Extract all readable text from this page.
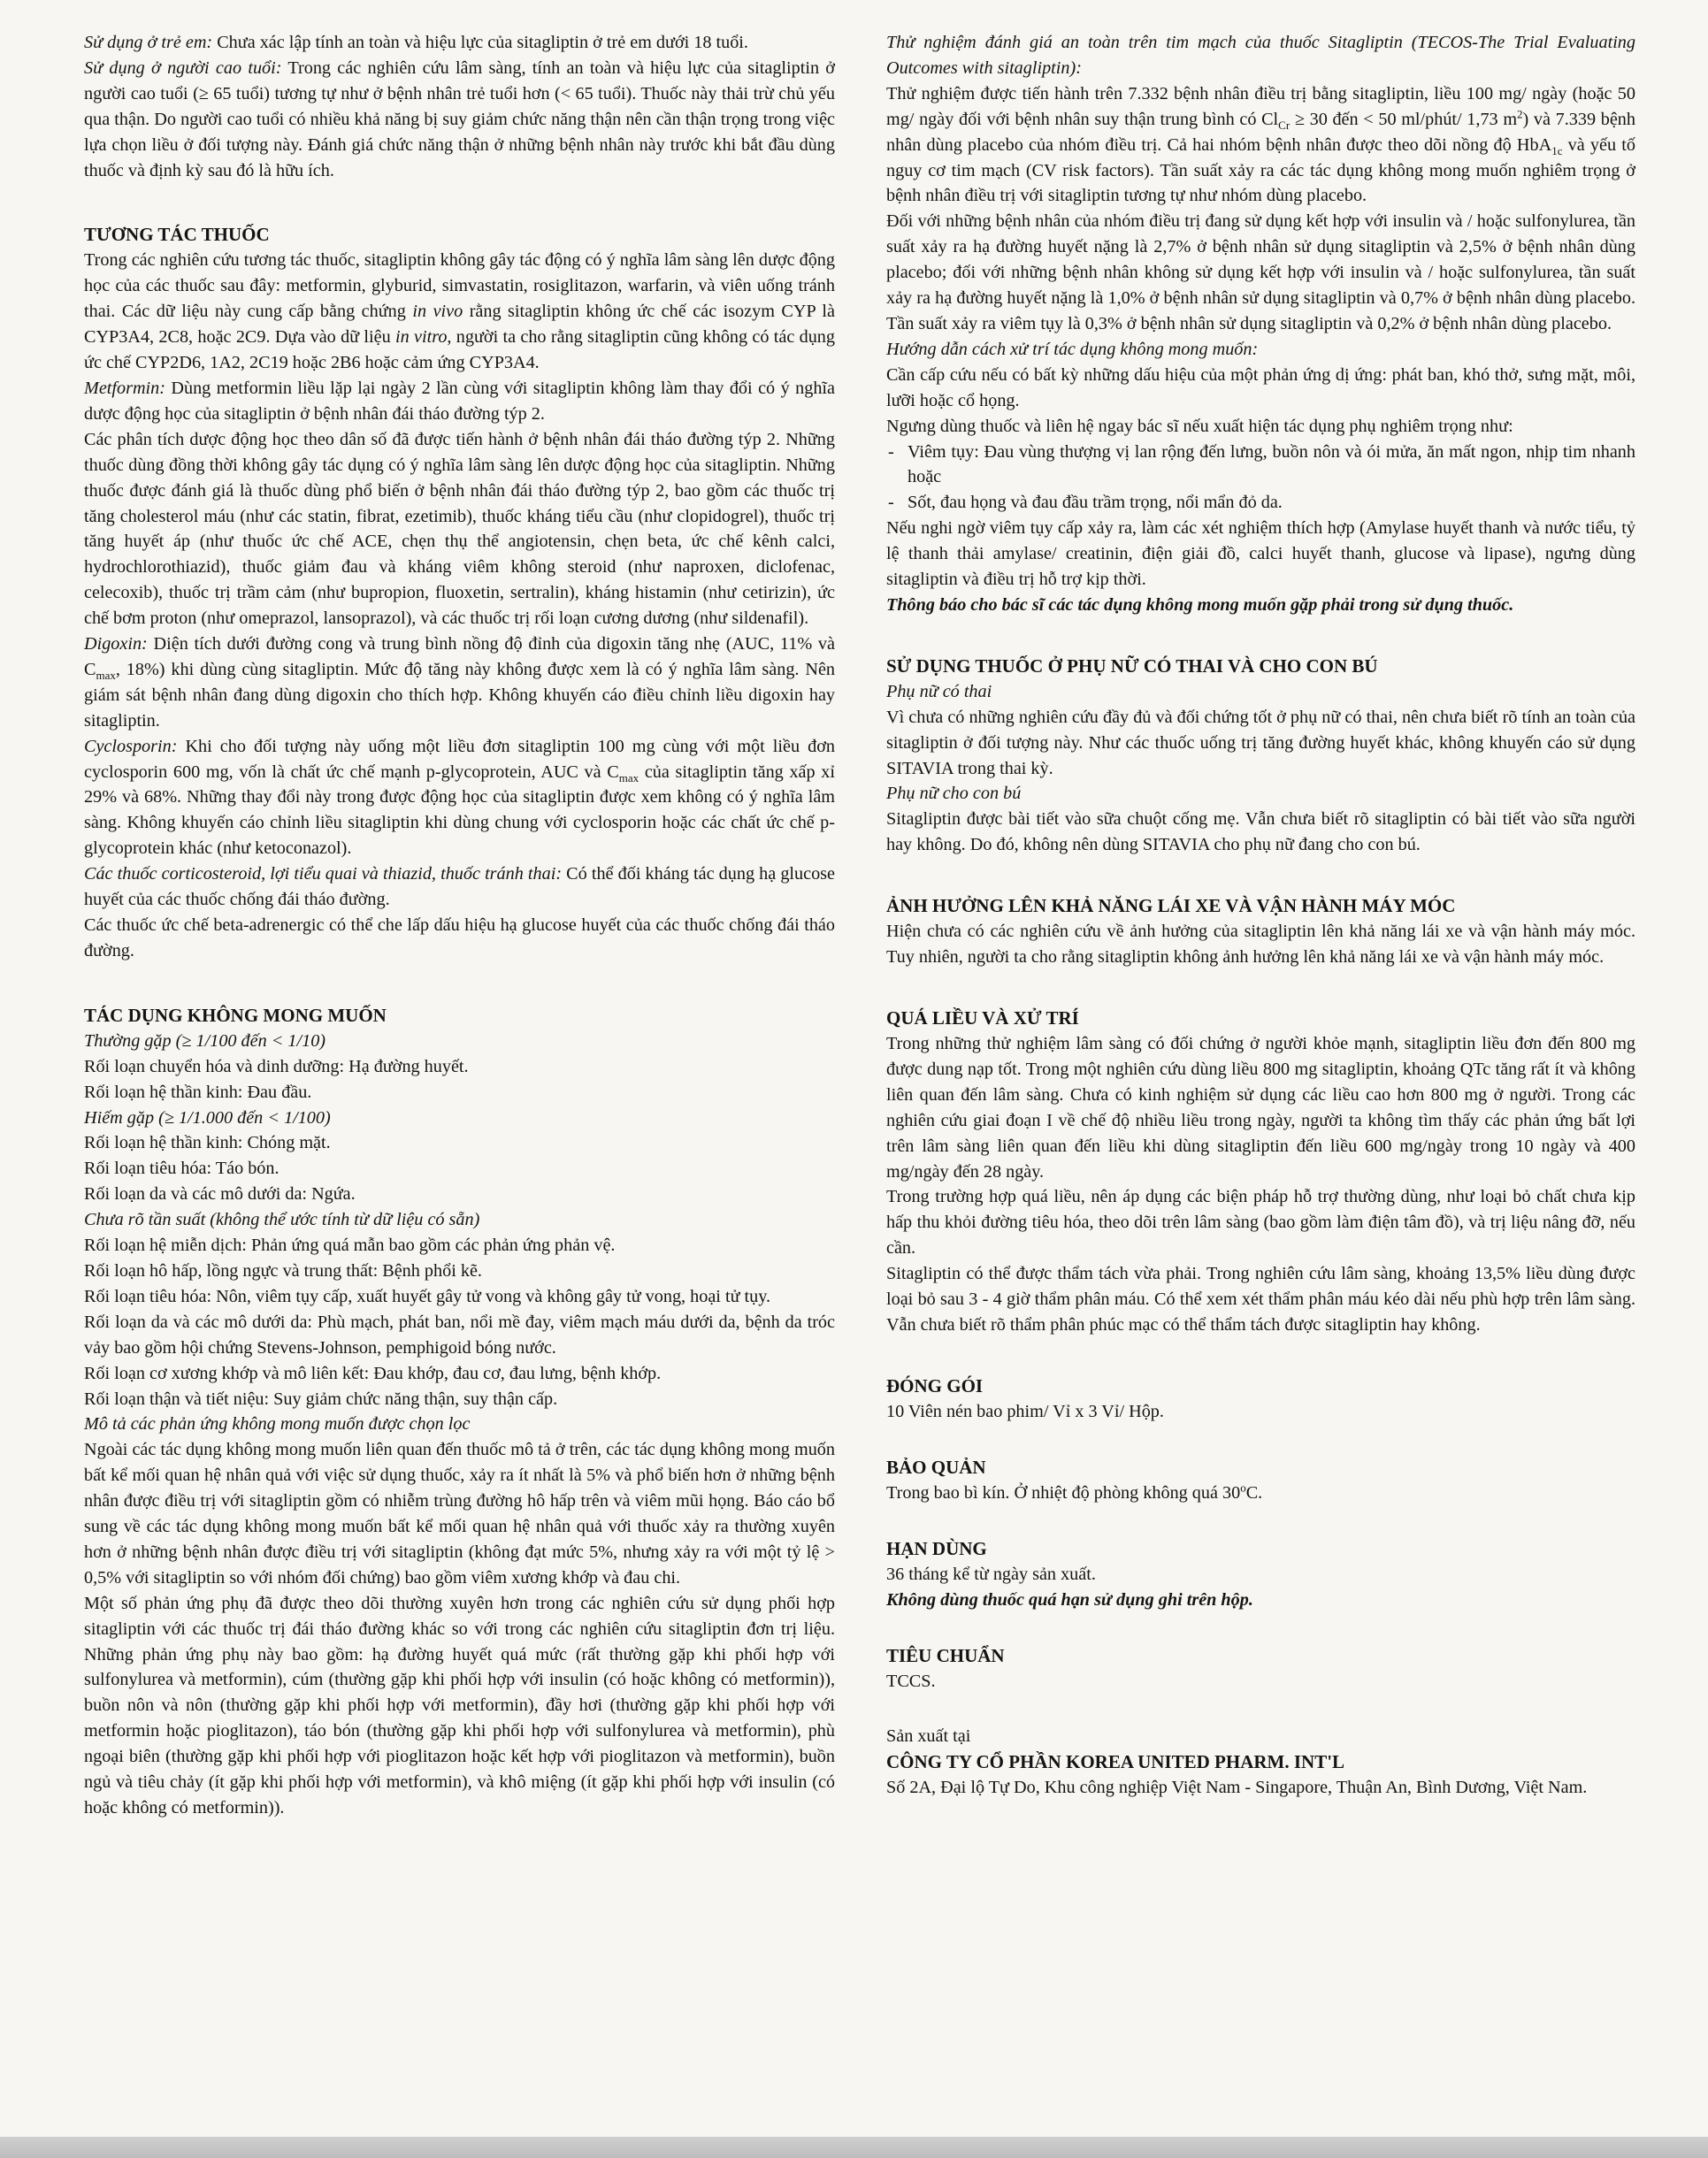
Sử dụng ở trẻ em: Chưa xác lập tính an toàn và hiệu lực của sitagliptin ở trẻ em dưới 18 tuổi.

Sử dụng ở người cao tuổi: Trong các nghiên cứu lâm sàng, tính an toàn và hiệu lực của sitagliptin ở người cao tuổi (≥ 65 tuổi) tương tự như ở bệnh nhân trẻ tuổi hơn (< 65 tuổi). Thuốc này thải trừ chủ yếu qua thận. Do người cao tuổi có nhiều khả năng bị suy giảm chức năng thận nên cần thận trọng trong việc lựa chọn liều ở đối tượng này. Đánh giá chức năng thận ở những bệnh nhân này trước khi bắt đầu dùng thuốc và định kỳ sau đó là hữu ích.

TƯƠNG TÁC THUỐC

Trong các nghiên cứu tương tác thuốc, sitagliptin không gây tác động có ý nghĩa lâm sàng lên dược động học của các thuốc sau đây: metformin, glyburid, simvastatin, rosiglitazon, warfarin, và viên uống tránh thai. Các dữ liệu này cung cấp bằng chứng in vivo rằng sitagliptin không ức chế các isozym CYP là CYP3A4, 2C8, hoặc 2C9. Dựa vào dữ liệu in vitro, người ta cho rằng sitagliptin cũng không có tác dụng ức chế CYP2D6, 1A2, 2C19 hoặc 2B6 hoặc cảm ứng CYP3A4.

Metformin: Dùng metformin liều lặp lại ngày 2 lần cùng với sitagliptin không làm thay đổi có ý nghĩa dược động học của sitagliptin ở bệnh nhân đái tháo đường týp 2.

Các phân tích dược động học theo dân số đã được tiến hành ở bệnh nhân đái tháo đường týp 2. Những thuốc dùng đồng thời không gây tác dụng có ý nghĩa lâm sàng lên dược động học của sitagliptin. Những thuốc được đánh giá là thuốc dùng phổ biến ở bệnh nhân đái tháo đường týp 2, bao gồm các thuốc trị tăng cholesterol máu (như các statin, fibrat, ezetimib), thuốc kháng tiểu cầu (như clopidogrel), thuốc trị tăng huyết áp (như thuốc ức chế ACE, chẹn thụ thể angiotensin, chẹn beta, ức chế kênh calci, hydrochlorothiazid), thuốc giảm đau và kháng viêm không steroid (như naproxen, diclofenac, celecoxib), thuốc trị trầm cảm (như bupropion, fluoxetin, sertralin), kháng histamin (như cetirizin), ức chế bơm proton (như omeprazol, lansoprazol), và các thuốc trị rối loạn cương dương (như sildenafil).

Digoxin: Diện tích dưới đường cong và trung bình nồng độ đỉnh của digoxin tăng nhẹ (AUC, 11% và $C_{max}$, 18%) khi dùng cùng sitagliptin. Mức độ tăng này không được xem là có ý nghĩa lâm sàng. Nên giám sát bệnh nhân đang dùng digoxin cho thích hợp. Không khuyến cáo điều chỉnh liều digoxin hay sitagliptin.

Cyclosporin: Khi cho đối tượng này uống một liều đơn sitagliptin 100 mg cùng với một liều đơn cyclosporin 600 mg, vốn là chất ức chế mạnh p-glycoprotein, AUC và $C_{max}$ của sitagliptin tăng xấp xỉ 29% và 68%. Những thay đổi này trong được động học của sitagliptin được xem không có ý nghĩa lâm sàng. Không khuyến cáo chỉnh liều sitagliptin khi dùng chung với cyclosporin hoặc các chất ức chế p-glycoprotein khác (như ketoconazol).

Các thuốc corticosteroid, lợi tiểu quai và thiazid, thuốc tránh thai: Có thể đối kháng tác dụng hạ glucose huyết của các thuốc chống đái tháo đường.

Các thuốc ức chế beta-adrenergic có thể che lấp dấu hiệu hạ glucose huyết của các thuốc chống đái tháo đường.

TÁC DỤNG KHÔNG MONG MUỐN

Thường gặp (≥ 1/100 đến < 1/10)

Rối loạn chuyển hóa và dinh dưỡng: Hạ đường huyết.

Rối loạn hệ thần kinh: Đau đầu.

Hiếm gặp (≥ 1/1.000 đến < 1/100)

Rối loạn hệ thần kinh: Chóng mặt.

Rối loạn tiêu hóa: Táo bón.

Rối loạn da và các mô dưới da: Ngứa.

Chưa rõ tần suất (không thể ước tính từ dữ liệu có sẵn)

Rối loạn hệ miễn dịch: Phản ứng quá mẫn bao gồm các phản ứng phản vệ.

Rối loạn hô hấp, lồng ngực và trung thất: Bệnh phổi kẽ.

Rối loạn tiêu hóa: Nôn, viêm tụy cấp, xuất huyết gây tử vong và không gây tử vong, hoại tử tụy.

Rối loạn da và các mô dưới da: Phù mạch, phát ban, nổi mề đay, viêm mạch máu dưới da, bệnh da tróc vảy bao gồm hội chứng Stevens-Johnson, pemphigoid bóng nước.

Rối loạn cơ xương khớp và mô liên kết: Đau khớp, đau cơ, đau lưng, bệnh khớp.

Rối loạn thận và tiết niệu: Suy giảm chức năng thận, suy thận cấp.

Mô tả các phản ứng không mong muốn được chọn lọc

Ngoài các tác dụng không mong muốn liên quan đến thuốc mô tả ở trên, các tác dụng không mong muốn bất kể mối quan hệ nhân quả với việc sử dụng thuốc, xảy ra ít nhất là 5% và phổ biến hơn ở những bệnh nhân được điều trị với sitagliptin gồm có nhiễm trùng đường hô hấp trên và viêm mũi họng. Báo cáo bổ sung về các tác dụng không mong muốn bất kể mối quan hệ nhân quả với thuốc xảy ra thường xuyên hơn ở những bệnh nhân được điều trị với sitagliptin (không đạt mức 5%, nhưng xảy ra với một tỷ lệ > 0,5% với sitagliptin so với nhóm đối chứng) bao gồm viêm xương khớp và đau chi.

Một số phản ứng phụ đã được theo dõi thường xuyên hơn trong các nghiên cứu sử dụng phối hợp sitagliptin với các thuốc trị đái tháo đường khác so với trong các nghiên cứu sitagliptin đơn trị liệu. Những phản ứng phụ này bao gồm: hạ đường huyết quá mức (rất thường gặp khi phối hợp với sulfonylurea và metformin), cúm (thường gặp khi phối hợp với insulin (có hoặc không có metformin)), buồn nôn và nôn (thường gặp khi phối hợp với metformin), đầy hơi (thường gặp khi phối hợp với metformin hoặc pioglitazon), táo bón (thường gặp khi phối hợp với sulfonylurea và metformin), phù ngoại biên (thường gặp khi phối hợp với pioglitazon hoặc kết hợp với pioglitazon và metformin), buồn ngủ và tiêu chảy (ít gặp khi phối hợp với metformin), và khô miệng (ít gặp khi phối hợp với insulin (có hoặc không có metformin)).

Thử nghiệm đánh giá an toàn trên tim mạch của thuốc Sitagliptin (TECOS-The Trial Evaluating Outcomes with sitagliptin):

Thử nghiệm được tiến hành trên 7.332 bệnh nhân điều trị bằng sitagliptin, liều 100 mg/ ngày (hoặc 50 mg/ ngày đối với bệnh nhân suy thận trung bình có $Cl_{Cr} \ge 30$ đến < 50 ml/phút/ 1,73 $m^2$) và 7.339 bệnh nhân dùng placebo của nhóm điều trị. Cả hai nhóm bệnh nhân được theo dõi nồng độ HbA$_{1c}$ và yếu tố nguy cơ tim mạch (CV risk factors). Tần suất xảy ra các tác dụng không mong muốn nghiêm trọng ở bệnh nhân điều trị với sitagliptin tương tự như nhóm dùng placebo.

Đối với những bệnh nhân của nhóm điều trị đang sử dụng kết hợp với insulin và / hoặc sulfonylurea, tần suất xảy ra hạ đường huyết nặng là 2,7% ở bệnh nhân sử dụng sitagliptin và 2,5% ở bệnh nhân dùng placebo; đối với những bệnh nhân không sử dụng kết hợp với insulin và / hoặc sulfonylurea, tần suất xảy ra hạ đường huyết nặng là 1,0% ở bệnh nhân sử dụng sitagliptin và 0,7% ở bệnh nhân dùng placebo. Tần suất xảy ra viêm tụy là 0,3% ở bệnh nhân sử dụng sitagliptin và 0,2% ở bệnh nhân dùng placebo.

Hướng dẫn cách xử trí tác dụng không mong muốn:

Cần cấp cứu nếu có bất kỳ những dấu hiệu của một phản ứng dị ứng: phát ban, khó thở, sưng mặt, môi, lưỡi hoặc cổ họng.

Ngưng dùng thuốc và liên hệ ngay bác sĩ nếu xuất hiện tác dụng phụ nghiêm trọng như:

- Viêm tụy: Đau vùng thượng vị lan rộng đến lưng, buồn nôn và ói mửa, ăn mất ngon, nhịp tim nhanh hoặc
- Sốt, đau họng và đau đầu trầm trọng, nổi mẩn đỏ da.

Nếu nghi ngờ viêm tụy cấp xảy ra, làm các xét nghiệm thích hợp (Amylase huyết thanh và nước tiểu, tỷ lệ thanh thải amylase/ creatinin, điện giải đồ, calci huyết thanh, glucose và lipase), ngưng dùng sitagliptin và điều trị hỗ trợ kịp thời.

Thông báo cho bác sĩ các tác dụng không mong muốn gặp phải trong sử dụng thuốc.

SỬ DỤNG THUỐC Ở PHỤ NỮ CÓ THAI VÀ CHO CON BÚ

Phụ nữ có thai

Vì chưa có những nghiên cứu đầy đủ và đối chứng tốt ở phụ nữ có thai, nên chưa biết rõ tính an toàn của sitagliptin ở đối tượng này. Như các thuốc uống trị tăng đường huyết khác, không khuyến cáo sử dụng SITAVIA trong thai kỳ.

Phụ nữ cho con bú

Sitagliptin được bài tiết vào sữa chuột cống mẹ. Vẫn chưa biết rõ sitagliptin có bài tiết vào sữa người hay không. Do đó, không nên dùng SITAVIA cho phụ nữ đang cho con bú.

ẢNH HƯỞNG LÊN KHẢ NĂNG LÁI XE VÀ VẬN HÀNH MÁY MÓC

Hiện chưa có các nghiên cứu về ảnh hưởng của sitagliptin lên khả năng lái xe và vận hành máy móc. Tuy nhiên, người ta cho rằng sitagliptin không ảnh hưởng lên khả năng lái xe và vận hành máy móc.

QUÁ LIỀU VÀ XỬ TRÍ

Trong những thử nghiệm lâm sàng có đối chứng ở người khỏe mạnh, sitagliptin liều đơn đến 800 mg được dung nạp tốt. Trong một nghiên cứu dùng liều 800 mg sitagliptin, khoảng QTc tăng rất ít và không liên quan đến lâm sàng. Chưa có kinh nghiệm sử dụng các liều cao hơn 800 mg ở người. Trong các nghiên cứu giai đoạn I về chế độ nhiều liều trong ngày, người ta không tìm thấy các phản ứng bất lợi trên lâm sàng liên quan đến liều khi dùng sitagliptin đến liều 600 mg/ngày trong 10 ngày và 400 mg/ngày đến 28 ngày.

Trong trường hợp quá liều, nên áp dụng các biện pháp hỗ trợ thường dùng, như loại bỏ chất chưa kịp hấp thu khỏi đường tiêu hóa, theo dõi trên lâm sàng (bao gồm làm điện tâm đồ), và trị liệu nâng đỡ, nếu cần.

Sitagliptin có thể được thẩm tách vừa phải. Trong nghiên cứu lâm sàng, khoảng 13,5% liều dùng được loại bỏ sau 3 - 4 giờ thẩm phân máu. Có thể xem xét thẩm phân máu kéo dài nếu phù hợp trên lâm sàng. Vẫn chưa biết rõ thẩm phân phúc mạc có thể thẩm tách được sitagliptin hay không.

ĐÓNG GÓI

10 Viên nén bao phim/ Vỉ x 3 Vỉ/ Hộp.

BẢO QUẢN

Trong bao bì kín. Ở nhiệt độ phòng không quá 30$^o$C.

HẠN DÙNG

36 tháng kể từ ngày sản xuất.

Không dùng thuốc quá hạn sử dụng ghi trên hộp.

TIÊU CHUẨN

TCCS.

Sản xuất tại

CÔNG TY CỔ PHẦN KOREA UNITED PHARM. INT'L

Số 2A, Đại lộ Tự Do, Khu công nghiệp Việt Nam - Singapore, Thuận An, Bình Dương, Việt Nam.
